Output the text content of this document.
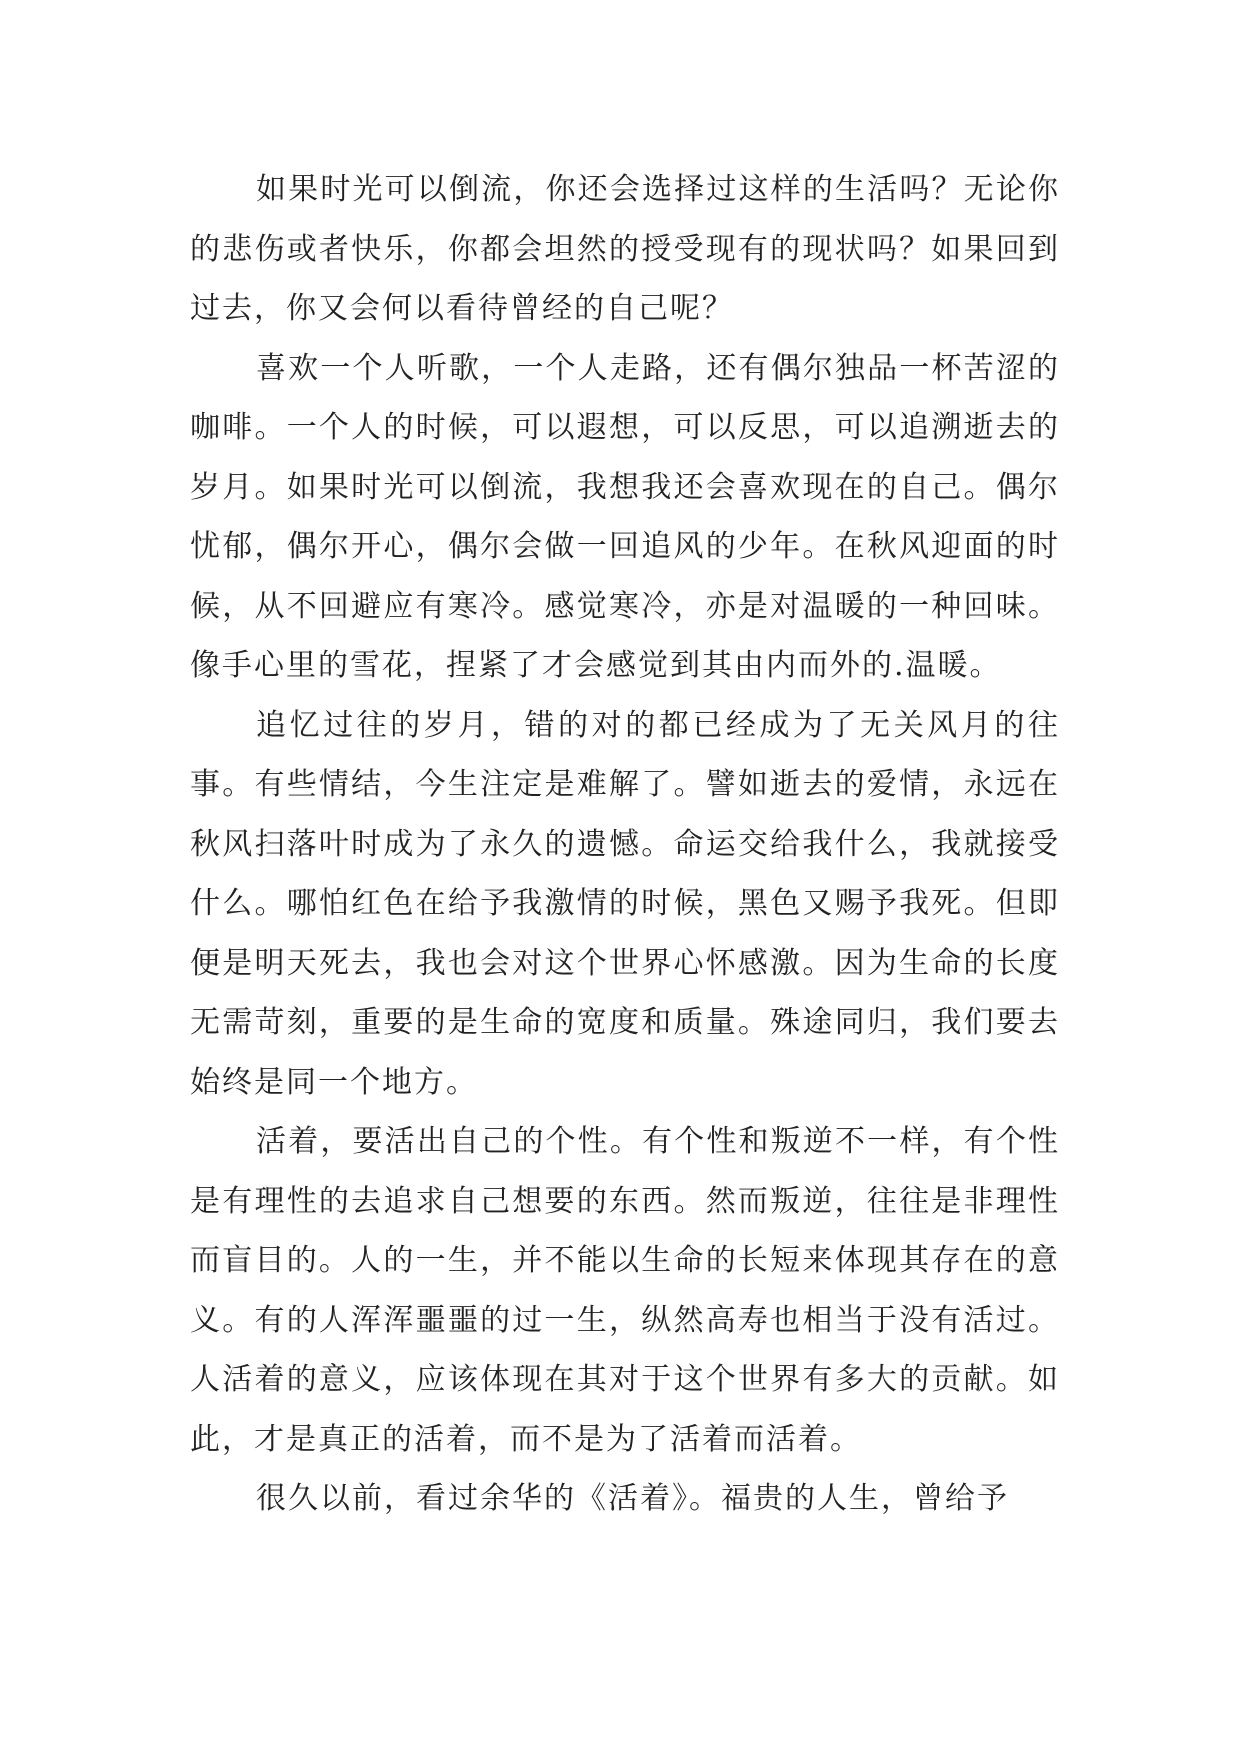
如果时光可以倒流，你还会选择过这样的生活吗？无论你的悲伤或者快乐，你都会坦然的授受现有的现状吗？如果回到过去，你又会何以看待曾经的自己呢？

喜欢一个人听歌，一个人走路，还有偶尔独品一杯苦涩的咖啡。一个人的时候，可以遐想，可以反思，可以追溯逝去的岁月。如果时光可以倒流，我想我还会喜欢现在的自己。偶尔忧郁，偶尔开心，偶尔会做一回追风的少年。在秋风迎面的时候，从不回避应有寒冷。感觉寒冷，亦是对温暖的一种回味。像手心里的雪花，捏紧了才会感觉到其由内而外的.温暖。

追忆过往的岁月，错的对的都已经成为了无关风月的往事。有些情结，今生注定是难解了。譬如逝去的爱情，永远在秋风扫落叶时成为了永久的遗憾。命运交给我什么，我就接受什么。哪怕红色在给予我激情的时候，黑色又赐予我死。但即便是明天死去，我也会对这个世界心怀感激。因为生命的长度无需苛刻，重要的是生命的宽度和质量。殊途同归，我们要去始终是同一个地方。

活着，要活出自己的个性。有个性和叛逆不一样，有个性是有理性的去追求自己想要的东西。然而叛逆，往往是非理性而盲目的。人的一生，并不能以生命的长短来体现其存在的意义。有的人浑浑噩噩的过一生，纵然高寿也相当于没有活过。人活着的意义，应该体现在其对于这个世界有多大的贡献。如此，才是真正的活着，而不是为了活着而活着。

很久以前，看过余华的《活着》。福贵的人生，曾给予
